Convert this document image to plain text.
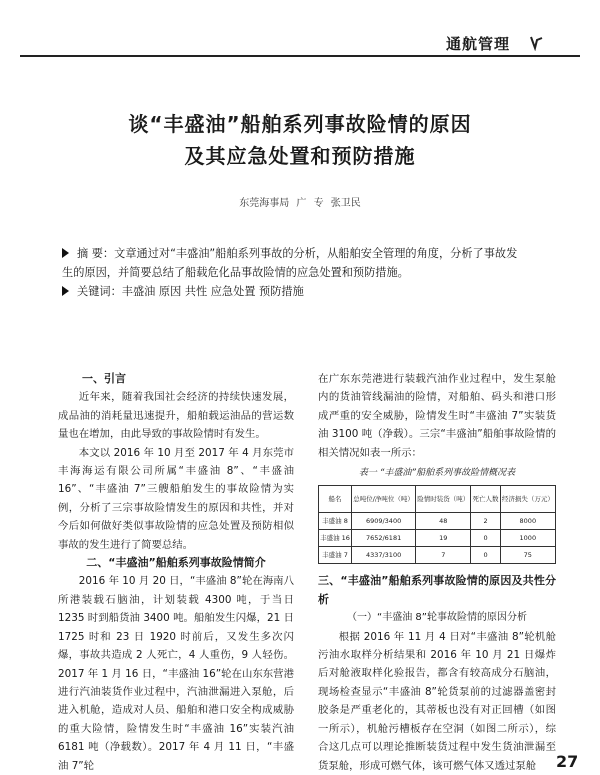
通航管理
谈“丰盛油”船舶系列事故险情的原因
及其应急处置和预防措施
东莞海事局 广 专 张卫民
摘 要：文章通过对“丰盛油”船舶系列事故的分析，从船舶安全管理的角度，分析了事故发
生的原因，并简要总结了船载危化品事故险情的应急处置和预防措施。
关键词：丰盛油 原因 共性 应急处置 预防措施

一、引言

近年来，随着我国社会经济的持续快速发展，成品油的消耗量迅速提升，船舶载运油品的营运数量也在增加，由此导致的事故险情时有发生。

本文以 2016 年 10 月至 2017 年 4 月东莞市丰海海运有限公司所属“丰盛油 8”、“丰盛油 16”、“丰盛油 7”三艘船舶发生的事故险情为实例，分析了三宗事故险情发生的原因和共性，并对今后如何做好类似事故险情的应急处置及预防相似事故的发生进行了简要总结。

二、“丰盛油”船舶系列事故险情简介

2016 年 10 月 20 日，“丰盛油 8”轮在海南八所港装载石脑油，计划装载 4300 吨，于当日 1235 时到船货油 3400 吨。船舶发生闪爆，21 日 1725 时和 23 日 1920 时前后，又发生多次闪爆，事故共造成 2 人死亡，4 人重伤，9 人轻伤。2017 年 1 月 16 日，“丰盛油 16”轮在山东东营港进行汽油装货作业过程中，汽油泄漏进入泵舱，后进入机舱，造成对人员、船舶和港口安全构成威胁的重大险情，险情发生时“丰盛油 16”实装汽油 6181 吨（净载数）。2017 年 4 月 11 日，“丰盛油 7”轮

在广东东莞港进行装载汽油作业过程中，发生泵舱内的货油管线漏油的险情，对船舶、码头和港口形成严重的安全威胁，险情发生时“丰盛油 7”实装货油 3100 吨（净载）。三宗“丰盛油”船舶事故险情的相关情况如表一所示：

表一 “丰盛油”船舶系列事故险情概况表
船名	总吨位/净吨位（吨）	险情时装货（吨）	死亡人数	经济损失（万元）
丰盛油 8	6909/3400	48	2	8000
丰盛油 16	7652/6181	19	0	1000
丰盛油 7	4337/3100	7	0	75

三、“丰盛油”船舶系列事故险情的原因及共性分析

（一）“丰盛油 8”轮事故险情的原因分析

根据 2016 年 11 月 4 日对“丰盛油 8”轮机舱污油水取样分析结果和 2016 年 10 月 21 日爆炸后对舱液取样化验报告，都含有较高成分石脑油，现场检查显示“丰盛油 8”轮货泵前的过滤器盖密封胶条是严重老化的，其蒂板也没有对正回槽（如图一所示），机舱污槽板存在空洞（如图二所示），综合这几点可以理论推断装货过程中发生货油泄漏至货泵舱，形成可燃气体，该可燃气体又透过泵舱	27
